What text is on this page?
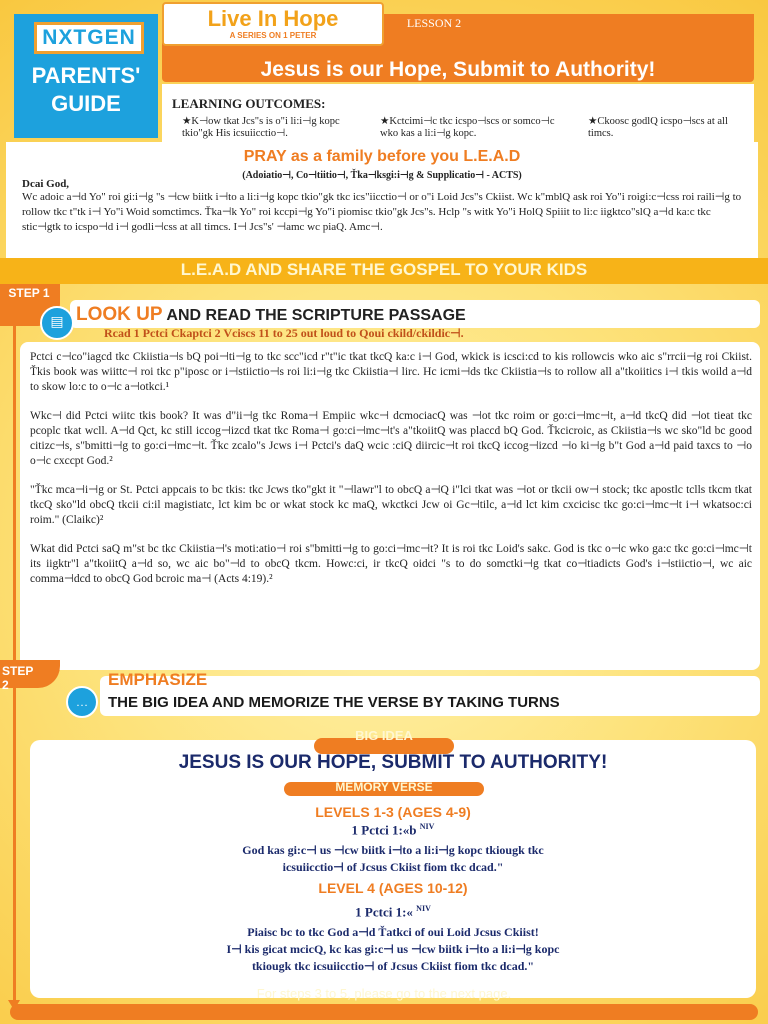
NXTGEN
PARENTS' GUIDE
Live In Hope
A SERIES ON 1 PETER
LESSON 2
Jesus is our Hope, Submit to Authority!
LEARNING OUTCOMES:
★K⊣ow tkat Jcs"s is o"i li:i⊣g kopc tkio"gk His icsuiicctio⊣.
★Kctcimi⊣c tkc icspo⊣scs or somco⊣c wko kas a li:i⊣g kopc.
★Ckoosc godlQ icspo⊣scs at all timcs.
PRAY as a family before you L.E.A.D
(Adoiatio⊣, Co⊣tiitio⊣, Ťka⊣ksgi:i⊣g & Supplicatio⊣ - ACTS)
Dcai God,
Wc adoic a⊣d Yo" roi gi:i⊣g "s ⊣cw biitk i⊣to a li:i⊣g kopc tkio"gk tkc ics"iicctio⊣ or o"i Loid Jcs"s Ckiist. Wc k"mblQ ask roi Yo"i roigi:c⊣css roi raili⊣g to rollow tkc t"tk i⊣ Yo"i Woid somctimcs. Ťka⊣k Yo" roi kccpi⊣g Yo"i piomisc tkio"gk Jcs"s. Hclp "s witk Yo"i HolQ Spiiit to li:c iigktco"slQ a⊣d ka:c tkc stic⊣gtk to icspo⊣d i⊣ godli⊣css at all timcs. I⊣ Jcs"s' ⊣amc wc piaQ. Amc⊣.
L.E.A.D AND SHARE THE GOSPEL TO YOUR KIDS
STEP 1
▤ LOOK UP AND READ THE SCRIPTURE PASSAGE
Rcad 1 Pctci Ckaptci 2 Vciscs 11 to 25 out loud to Qoui ckild/ckildic⊣.

Pctci c⊣co"iagcd tkc Ckiistia⊣s bQ poi⊣ti⊣g to tkc scc"icd r"t"ic tkat tkcQ ka:c i⊣ God, wkick is icsci:cd to kis rollowcis wko aic s"rrcii⊣g roi Ckiist. Ťkis book was wiittc⊣ roi tkc p"iposc or i⊣stiictio⊣s roi li:i⊣g tkc Ckiistia⊣ lirc. Hc icmi⊣ds tkc Ckiistia⊣s to rollow all a"tkoiitics i⊣ tkis woild a⊣d to skow lo:c to o⊣c a⊣otkci.¹

Wkc⊣ did Pctci wiitc tkis book? It was d"ii⊣g tkc Roma⊣ Empiic wkc⊣ dcmociacQ was ⊣ot tkc roim or go:ci⊣mc⊣t, a⊣d tkcQ did ⊣ot tieat tkc pcoplc tkat wcll. A⊣d Qct, kc still iccog⊣izcd tkat tkc Roma⊣ go:ci⊣mc⊣t's a"tkoiitQ was placcd bQ God. Ťkcicroic, as Ckiistia⊣s wc sko"ld bc good citizc⊣s, s"bmitti⊣g to go:ci⊣mc⊣t. Ťkc zcalo"s Jcws i⊣ Pctci's daQ wcic :ciQ diircic⊣t roi tkcQ iccog⊣izcd ⊣o ki⊣g b"t God a⊣d paid taxcs to ⊣o o⊣c cxccpt God.²

"Ťkc mca⊣i⊣g or St. Pctci appcais to bc tkis: tkc Jcws tko"gkt it "⊣lawr"l to obcQ a⊣Q i"lci tkat was ⊣ot or tkcii ow⊣ stock; tkc apostlc tclls tkcm tkat tkcQ sko"ld obcQ tkcii ci:il magistiatc, lct kim bc or wkat stock kc maQ, wkctkci Jcw oi Gc⊣tilc, a⊣d lct kim cxcicisc tkc go:ci⊣mc⊣t i⊣ wkatsoc:ci roim." (Claikc)²

Wkat did Pctci saQ m"st bc tkc Ckiistia⊣'s moti:atio⊣ roi s"bmitti⊣g to go:ci⊣mc⊣t? It is roi tkc Loid's sakc. God is tkc o⊣c wko ga:c tkc go:ci⊣mc⊣t its iigktr"l a"tkoiitQ a⊣d so, wc aic bo"⊣d to obcQ tkcm. Howc:ci, ir tkcQ oidci "s to do somctki⊣g tkat co⊣tiadicts God's i⊣stiictio⊣, wc aic comma⊣dcd to obcQ God bcroic ma⊣ (Acts 4:19).²

STEP 2
…
EMPHASIZE
THE BIG IDEA AND MEMORIZE THE VERSE BY TAKING TURNS
BIG IDEA
JESUS IS OUR HOPE, SUBMIT TO AUTHORITY!
MEMORY VERSE
LEVELS 1-3 (AGES 4-9)
1 Pctci 1:«b $^{NIV}$
God kas gi:c⊣ us ⊣cw biitk i⊣to a li:i⊣g kopc tkiougk tkc
icsuiicctio⊣ of Jcsus Ckiist fiom tkc dcad."
LEVEL 4 (AGES 10-12)
1 Pctci 1:« $^{NIV}$
Piaisc bc to tkc God a⊣d Ťatkci of oui Loid Jcsus Ckiist!
I⊣ kis gicat mcicQ, kc kas gi:c⊣ us ⊣cw biitk i⊣to a li:i⊣g kopc
tkiougk tkc icsuiicctio⊣ of Jcsus Ckiist fiom tkc dcad."
For steps 3 to 5, please go to the next page.
